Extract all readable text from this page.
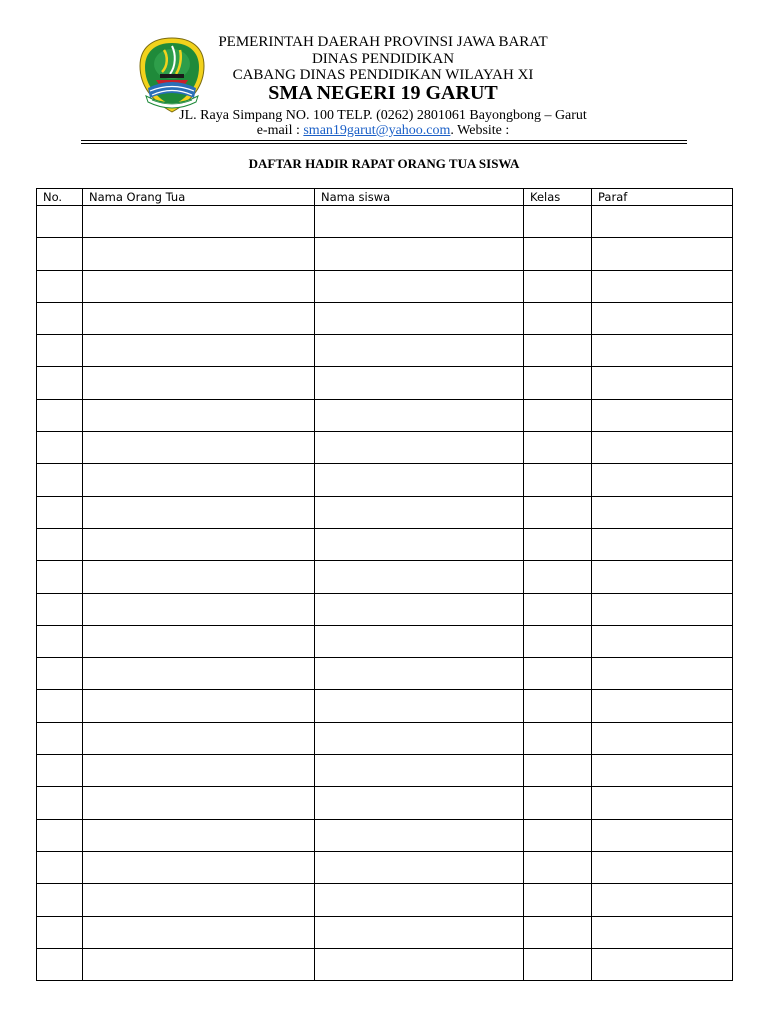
PEMERINTAH DAERAH PROVINSI JAWA BARAT
DINAS PENDIDIKAN
CABANG DINAS PENDIDIKAN WILAYAH XI
SMA NEGERI 19 GARUT
JL. Raya Simpang NO. 100 TELP. (0262) 2801061 Bayongbong – Garut
e-mail : sman19garut@yahoo.com. Website :
DAFTAR HADIR RAPAT ORANG TUA SISWA
No.	Nama Orang Tua	Nama siswa	Kelas	Paraf
